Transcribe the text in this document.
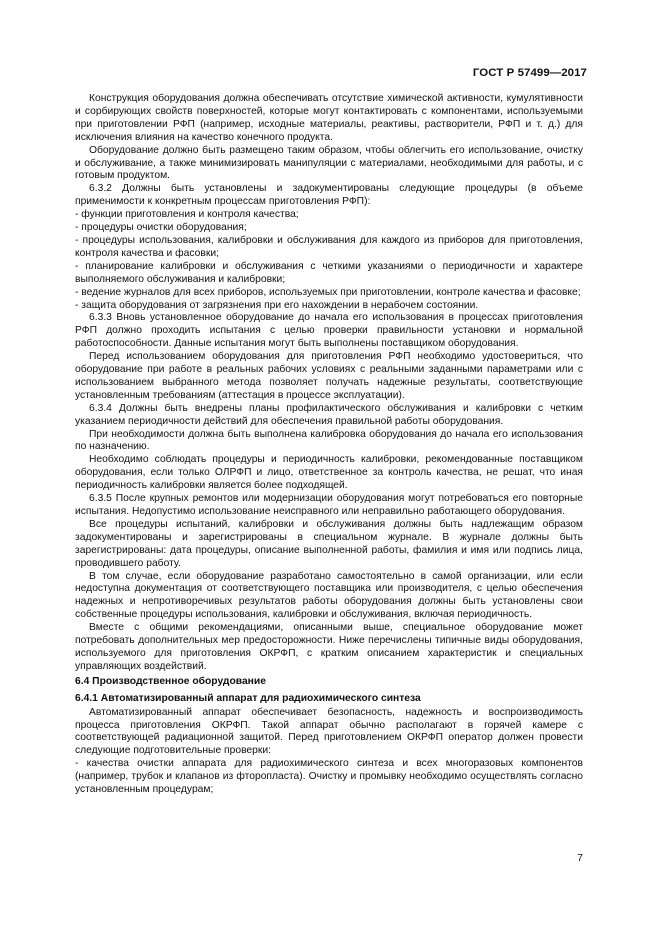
ГОСТ Р 57499—2017

Конструкция оборудования должна обеспечивать отсутствие химической активности, кумулятивности и сорбирующих свойств поверхностей, которые могут контактировать с компонентами, используемыми при приготовлении РФП (например, исходные материалы, реактивы, растворители, РФП и т. д.) для исключения влияния на качество конечного продукта.

Оборудование должно быть размещено таким образом, чтобы облегчить его использование, очистку и обслуживание, а также минимизировать манипуляции с материалами, необходимыми для работы, и с готовым продуктом.

6.3.2 Должны быть установлены и задокументированы следующие процедуры (в объеме применимости к конкретным процессам приготовления РФП):

- функции приготовления и контроля качества;

- процедуры очистки оборудования;

- процедуры использования, калибровки и обслуживания для каждого из приборов для приготовления, контроля качества и фасовки;

- планирование калибровки и обслуживания с четкими указаниями о периодичности и характере выполняемого обслуживания и калибровки;

- ведение журналов для всех приборов, используемых при приготовлении, контроле качества и фасовке;

- защита оборудования от загрязнения при его нахождении в нерабочем состоянии.

6.3.3 Вновь установленное оборудование до начала его использования в процессах приготовления РФП должно проходить испытания с целью проверки правильности установки и нормальной работоспособности. Данные испытания могут быть выполнены поставщиком оборудования.

Перед использованием оборудования для приготовления РФП необходимо удостовериться, что оборудование при работе в реальных рабочих условиях с реальными заданными параметрами или с использованием выбранного метода позволяет получать надежные результаты, соответствующие установленным требованиям (аттестация в процессе эксплуатации).

6.3.4 Должны быть внедрены планы профилактического обслуживания и калибровки с четким указанием периодичности действий для обеспечения правильной работы оборудования.

При необходимости должна быть выполнена калибровка оборудования до начала его использования по назначению.

Необходимо соблюдать процедуры и периодичность калибровки, рекомендованные поставщиком оборудования, если только ОЛРФП и лицо, ответственное за контроль качества, не решат, что иная периодичность калибровки является более подходящей.

6.3.5 После крупных ремонтов или модернизации оборудования могут потребоваться его повторные испытания. Недопустимо использование неисправного или неправильно работающего оборудования.

Все процедуры испытаний, калибровки и обслуживания должны быть надлежащим образом задокументированы и зарегистрированы в специальном журнале. В журнале должны быть зарегистрированы: дата процедуры, описание выполненной работы, фамилия и имя или подпись лица, проводившего работу.

В том случае, если оборудование разработано самостоятельно в самой организации, или если недоступна документация от соответствующего поставщика или производителя, с целью обеспечения надежных и непротиворечивых результатов работы оборудования должны быть установлены свои собственные процедуры использования, калибровки и обслуживания, включая периодичность.

Вместе с общими рекомендациями, описанными выше, специальное оборудование может потребовать дополнительных мер предосторожности. Ниже перечислены типичные виды оборудования, используемого для приготовления ОКРФП, с кратким описанием характеристик и специальных управляющих воздействий.

6.4 Производственное оборудование
6.4.1 Автоматизированный аппарат для радиохимического синтеза

Автоматизированный аппарат обеспечивает безопасность, надежность и воспроизводимость процесса приготовления ОКРФП. Такой аппарат обычно располагают в горячей камере с соответствующей радиационной защитой. Перед приготовлением ОКРФП оператор должен провести следующие подготовительные проверки:

- качества очистки аппарата для радиохимического синтеза и всех многоразовых компонентов (например, трубок и клапанов из фторопласта). Очистку и промывку необходимо осуществлять согласно установленным процедурам;

7
